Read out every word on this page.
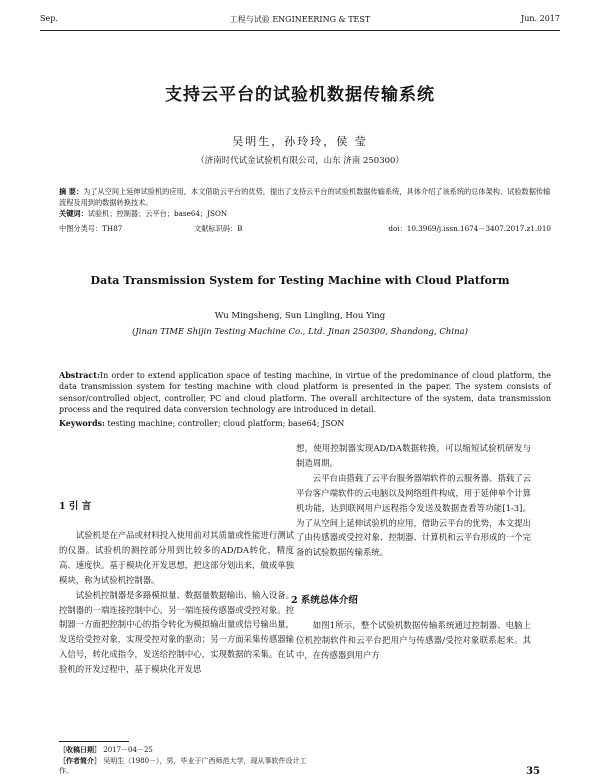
Sep.	工程与试验 ENGINEERING & TEST	Jun. 2017
支持云平台的试验机数据传输系统
吴明生，孙玲玲，侯 莹
（济南时代试金试验机有限公司，山东 济南 250300）
摘 要：为了从空间上延伸试验机的应用，本文借助云平台的优势，提出了支持云平台的试验机数据传输系统，具体介绍了该系统的总体架构、试验数据传输流程及用到的数据转换技术。
关键词：试验机；控制器；云平台；base64；JSON
中图分类号：TH87	文献标识码：B	doi：10.3969/j.issn.1674－3407.2017.z1.010
Data Transmission System for Testing Machine with Cloud Platform
Wu Mingsheng, Sun Lingling, Hou Ying
(Jinan TIME Shijin Testing Machine Co., Ltd. Jinan 250300, Shandong, China)
Abstract:In order to extend application space of testing machine, in virtue of the predominance of cloud platform, the data transmission system for testing machine with cloud platform is presented in the paper. The system consists of sensor/controlled object, controller, PC and cloud platform. The overall architecture of the system, data transmission process and the required data conversion technology are introduced in detail.
Keywords: testing machine; controller; cloud platform; base64; JSON
1 引 言

试验机是在产品或材料投入使用前对其质量或性能进行测试的仪器。试验机的测控部分用到比较多的AD/DA转化，精度高、速度快。基于模块化开发思想，把这部分划出来，做成单独模块，称为试验机控制器。

试验机控制器是多路模拟量、数据量数据输出、输入设备。控制器的一端连接控制中心，另一端连接传感器或受控对象。控制器一方面把控制中心的指令转化为模拟输出量或信号输出量，发送给受控对象，实现受控对象的驱动；另一方面采集传感器输入信号，转化成指令，发送给控制中心，实现数据的采集。在试验机的开发过程中，基于模块化开发思

想，使用控制器实现AD/DA数据转换，可以缩短试验机研发与制造周期。

云平台由搭载了云平台服务器端软件的云服务器、搭载了云平台客户端软件的云电脑以及网络组件构成，用于延伸单个计算机功能，达到联网用户远程指令发送及数据查看等功能[1-3]。为了从空间上延伸试验机的应用，借助云平台的优势，本文提出了由传感器或受控对象、控制器、计算机和云平台形成的一个完备的试验数据传输系统。

2 系统总体介绍

如图1所示，整个试验机数据传输系统通过控制器、电脑上位机控制软件和云平台把用户与传感器/受控对象联系起来。其中，在传感器到用户方

［收稿日期］ 2017－04－25
［作者简介］ 吴明生（1980－），男，毕业于广西师范大学，现从事软件设计工作。	35
